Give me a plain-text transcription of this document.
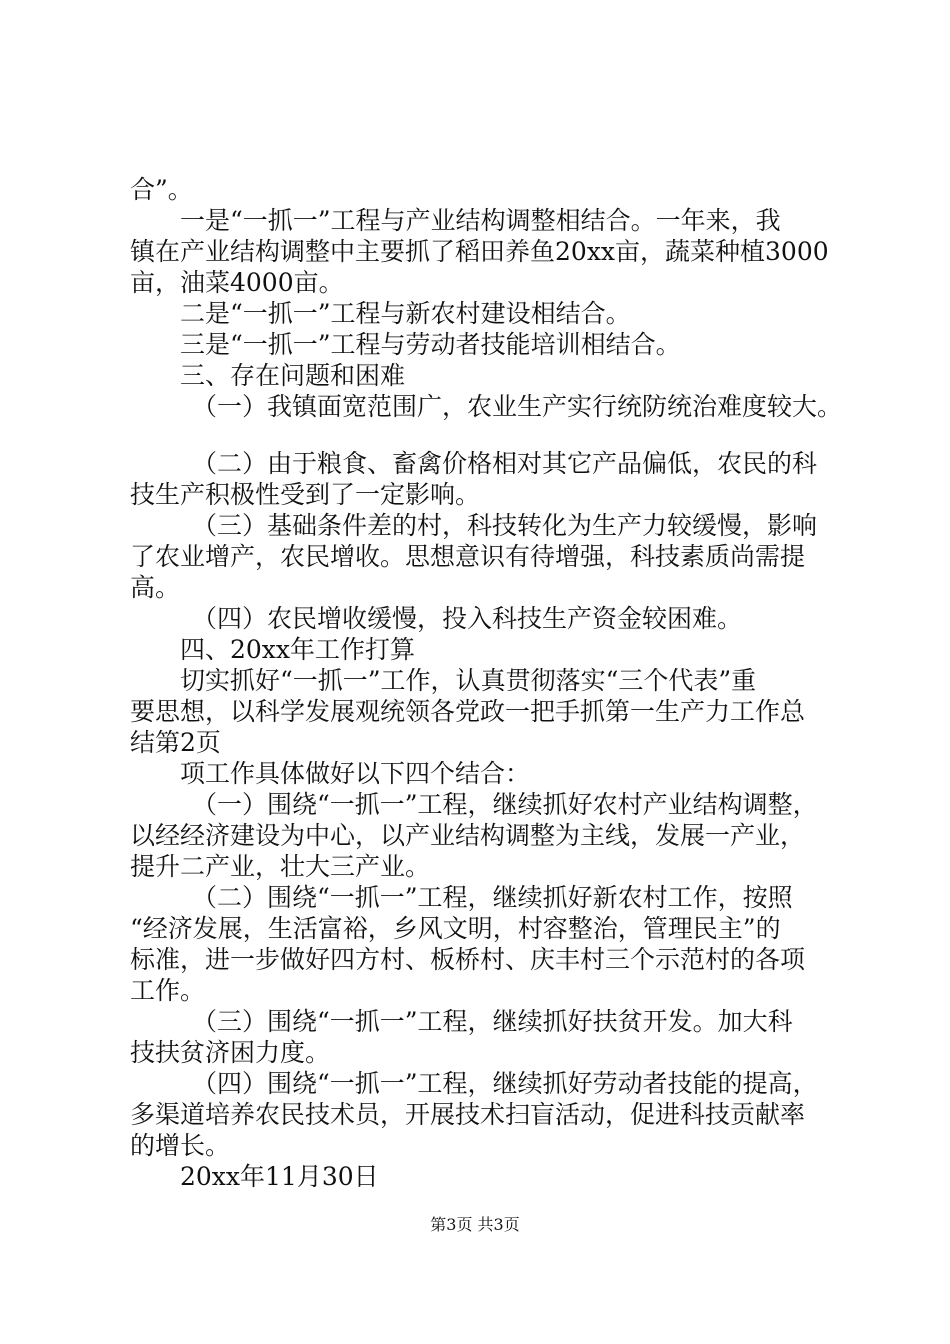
合”。

一是“一抓一”工程与产业结构调整相结合。一年来，我

镇在产业结构调整中主要抓了稻田养鱼20xx亩，蔬菜种植3000

亩，油菜4000亩。

二是“一抓一”工程与新农村建设相结合。

三是“一抓一”工程与劳动者技能培训相结合。

三、存在问题和困难

（一）我镇面宽范围广，农业生产实行统防统治难度较大。

（二）由于粮食、畜禽价格相对其它产品偏低，农民的科

技生产积极性受到了一定影响。

（三）基础条件差的村，科技转化为生产力较缓慢，影响

了农业增产，农民增收。思想意识有待增强，科技素质尚需提

高。

（四）农民增收缓慢，投入科技生产资金较困难。

四、20xx年工作打算

切实抓好“一抓一”工作，认真贯彻落实“三个代表”重

要思想，以科学发展观统领各党政一把手抓第一生产力工作总

结第2页

项工作具体做好以下四个结合：

（一）围绕“一抓一”工程，继续抓好农村产业结构调整，

以经经济建设为中心，以产业结构调整为主线，发展一产业，

提升二产业，壮大三产业。

（二）围绕“一抓一”工程，继续抓好新农村工作，按照

“经济发展，生活富裕，乡风文明，村容整治，管理民主”的

标准，进一步做好四方村、板桥村、庆丰村三个示范村的各项

工作。

（三）围绕“一抓一”工程，继续抓好扶贫开发。加大科

技扶贫济困力度。

（四）围绕“一抓一”工程，继续抓好劳动者技能的提高，

多渠道培养农民技术员，开展技术扫盲活动，促进科技贡献率

的增长。

20xx年11月30日

第3页 共3页
